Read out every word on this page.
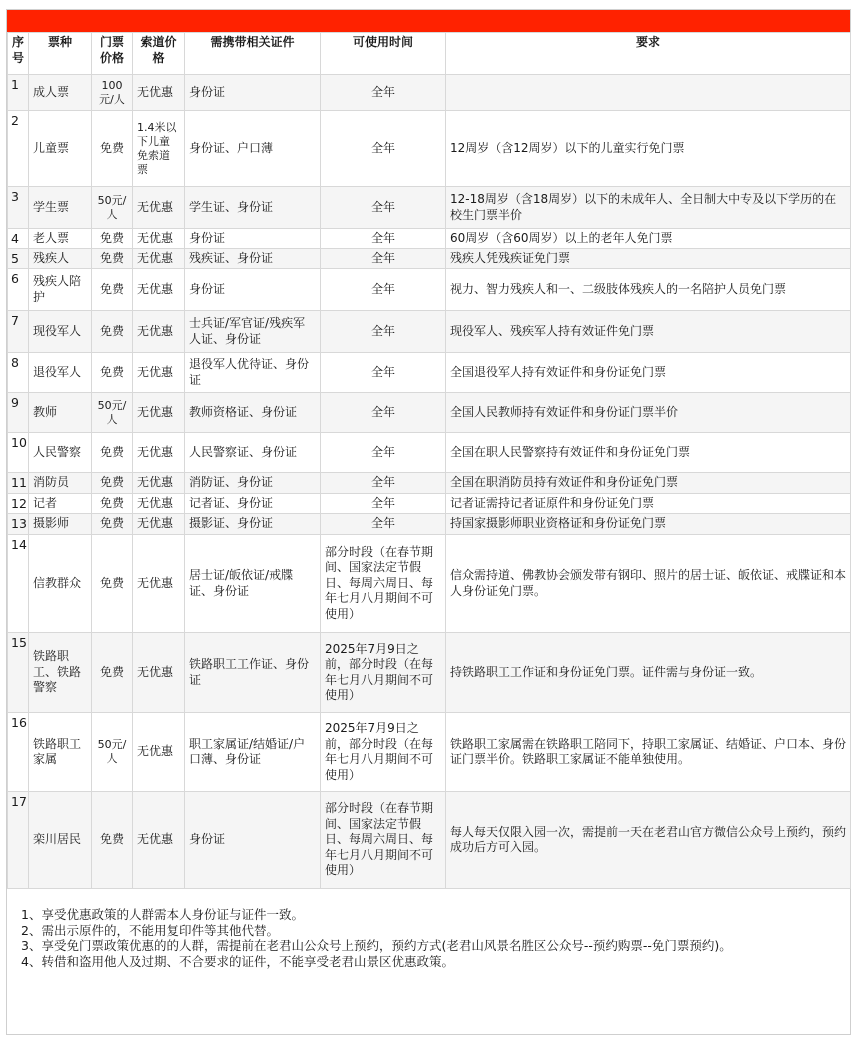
序号	票种	门票价格	索道价格	需携带相关证件	可使用时间	要求
1	成人票	100元/人	无优惠	身份证	全年	
2	儿童票	免费	1.4米以下儿童免索道票	身份证、户口薄	全年	12周岁（含12周岁）以下的儿童实行免门票
3	学生票	50元/人	无优惠	学生证、身份证	全年	12-18周岁（含18周岁）以下的未成年人、全日制大中专及以下学历的在校生门票半价
4	老人票	免费	无优惠	身份证	全年	60周岁（含60周岁）以上的老年人免门票
5	残疾人	免费	无优惠	残疾证、身份证	全年	残疾人凭残疾证免门票
6	残疾人陪护	免费	无优惠	身份证	全年	视力、智力残疾人和一、二级肢体残疾人的一名陪护人员免门票
7	现役军人	免费	无优惠	士兵证/军官证/残疾军人证、身份证	全年	现役军人、残疾军人持有效证件免门票
8	退役军人	免费	无优惠	退役军人优待证、身份证	全年	全国退役军人持有效证件和身份证免门票
9	教师	50元/人	无优惠	教师资格证、身份证	全年	全国人民教师持有效证件和身份证门票半价
10	人民警察	免费	无优惠	人民警察证、身份证	全年	全国在职人民警察持有效证件和身份证免门票
11	消防员	免费	无优惠	消防证、身份证	全年	全国在职消防员持有效证件和身份证免门票
12	记者	免费	无优惠	记者证、身份证	全年	记者证需持记者证原件和身份证免门票
13	摄影师	免费	无优惠	摄影证、身份证	全年	持国家摄影师职业资格证和身份证免门票
14	信教群众	免费	无优惠	居士证/皈依证/戒牒证、身份证	部分时段（在春节期间、国家法定节假日、每周六周日、每年七月八月期间不可使用）	信众需持道、佛教协会颁发带有钢印、照片的居士证、皈依证、戒牒证和本人身份证免门票。
15	铁路职工、铁路警察	免费	无优惠	铁路职工工作证、身份证	2025年7月9日之前，部分时段（在每年七月八月期间不可使用）	持铁路职工工作证和身份证免门票。证件需与身份证一致。
16	铁路职工家属	50元/人	无优惠	职工家属证/结婚证/户口薄、身份证	2025年7月9日之前，部分时段（在每年七月八月期间不可使用）	铁路职工家属需在铁路职工陪同下，持职工家属证、结婚证、户口本、身份证门票半价。铁路职工家属证不能单独使用。
17	栾川居民	免费	无优惠	身份证	部分时段（在春节期间、国家法定节假日、每周六周日、每年七月八月期间不可使用）	每人每天仅限入园一次，需提前一天在老君山官方微信公众号上预约，预约成功后方可入园。

1、享受优惠政策的人群需本人身份证与证件一致。

2、需出示原件的，不能用复印件等其他代替。

3、享受免门票政策优惠的的人群，需提前在老君山公众号上预约，预约方式(老君山风景名胜区公众号--预约购票--免门票预约)。

4、转借和盗用他人及过期、不合要求的证件，不能享受老君山景区优惠政策。
